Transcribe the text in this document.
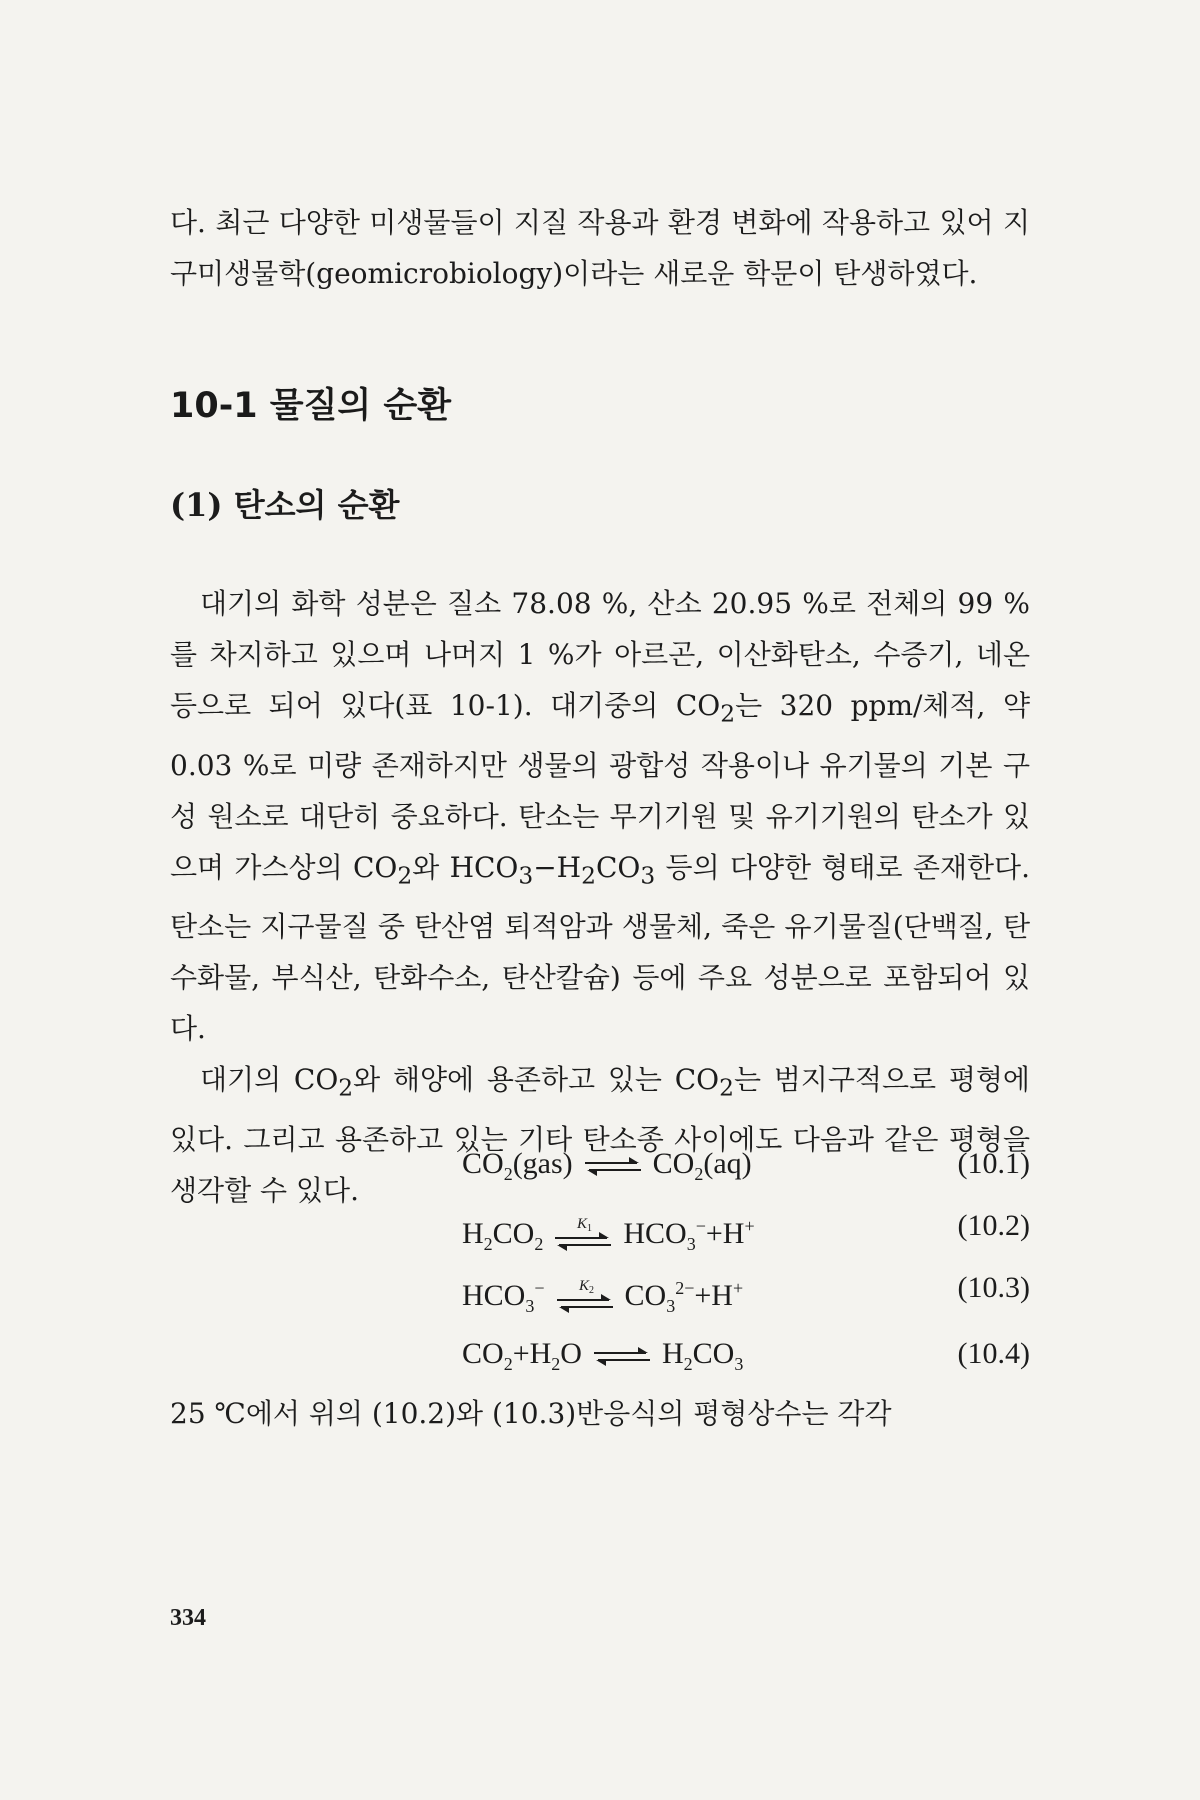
다. 최근 다양한 미생물들이 지질 작용과 환경 변화에 작용하고 있어 지구미생물학(geomicrobiology)이라는 새로운 학문이 탄생하였다.

10-1 물질의 순환
(1) 탄소의 순환

대기의 화학 성분은 질소 78.08 %, 산소 20.95 %로 전체의 99 %를 차지하고 있으며 나머지 1 %가 아르곤, 이산화탄소, 수증기, 네온 등으로 되어 있다(표 10-1). 대기중의 $CO_2$는 320 ppm/체적, 약 0.03 %로 미량 존재하지만 생물의 광합성 작용이나 유기물의 기본 구성 원소로 대단히 중요하다. 탄소는 무기기원 및 유기기원의 탄소가 있으며 가스상의 $CO_2$와 $HCO_3-H_2CO_3$ 등의 다양한 형태로 존재한다. 탄소는 지구물질 중 탄산염 퇴적암과 생물체, 죽은 유기물질(단백질, 탄수화물, 부식산, 탄화수소, 탄산칼슘) 등에 주요 성분으로 포함되어 있다.

대기의 $CO_2$와 해양에 용존하고 있는 $CO_2$는 범지구적으로 평형에 있다. 그리고 용존하고 있는 기타 탄소종 사이에도 다음과 같은 평형을 생각할 수 있다.

$CO_2(gas)$ ⇌ $CO_2(aq)$	(10.1)
$H_2CO_2$
K 1 $HCO_3^-+H^+$	(10.2)
$HCO_3^-$ K 2 $CO_3^{2-}+H^+$	(10.3)
$CO_2+H_2O$ ⇌ $H_2CO_3$	(10.4)

25 ℃에서 위의 (10.2)와 (10.3)반응식의 평형상수는 각각

334
